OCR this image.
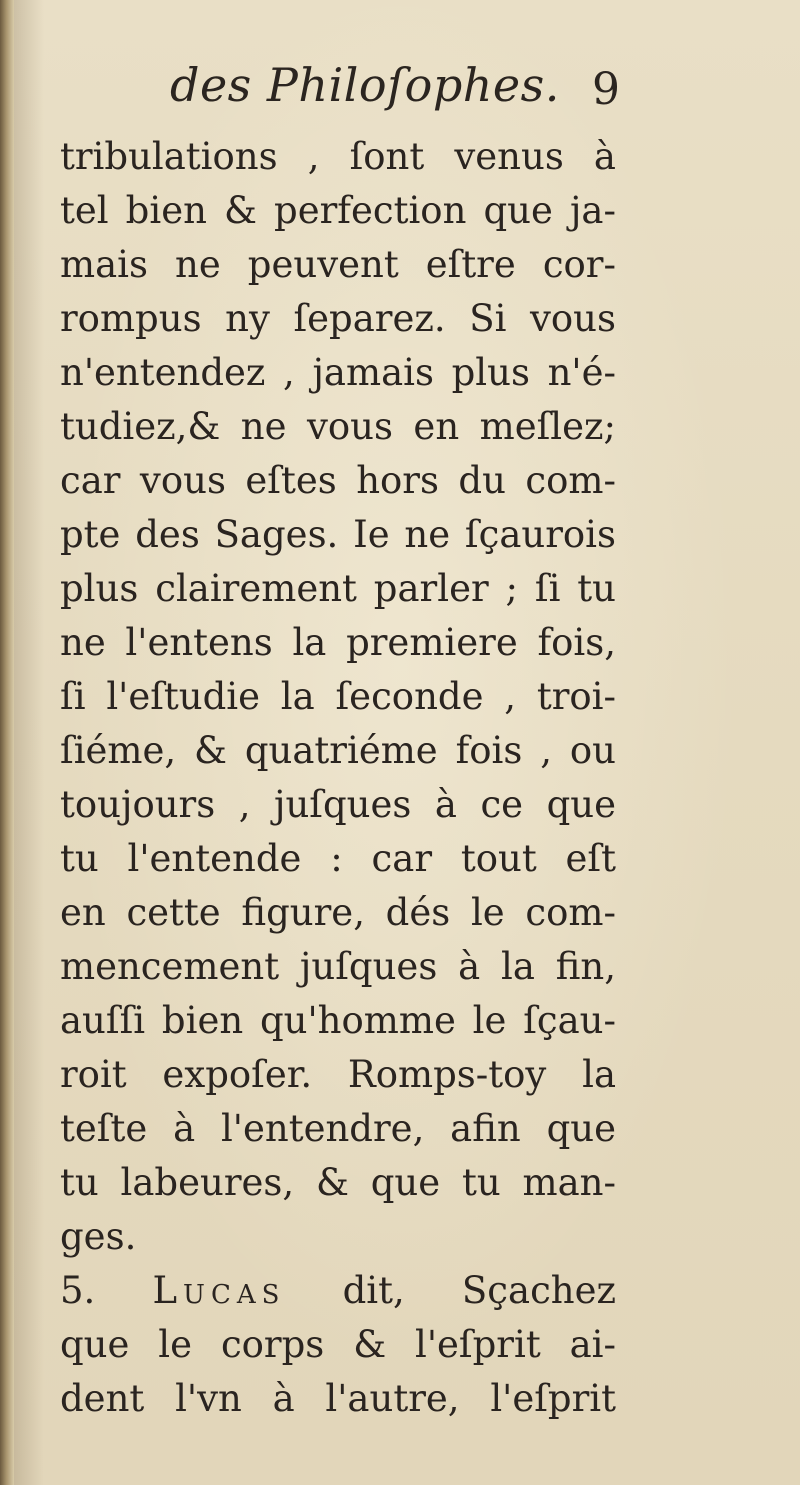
des Philoſophes. 9
tribulations , ſont venus à
tel bien & perfection que ja-
mais ne peuvent eſtre cor-
rompus ny ſeparez. Si vous
n'entendez , jamais plus n'é-
tudiez,& ne vous en meſlez;
car vous eſtes hors du com-
pte des Sages. Ie ne ſçaurois
plus clairement parler ; ſi tu
ne l'entens la premiere fois,
ſi l'eſtudie la ſeconde , troi-
ſiéme, & quatriéme fois , ou
toujours , juſques à ce que
tu l'entende : car tout eſt
en cette figure, dés le com-
mencement juſques à la fin,
auſſi bien qu'homme le ſçau-
roit expoſer. Romps-toy la
teſte à l'entendre, afin que
tu labeures, & que tu man-
ges.
5. Lucas dit, Sçachez
que le corps & l'eſprit ai-
dent l'vn à l'autre, l'eſprit
